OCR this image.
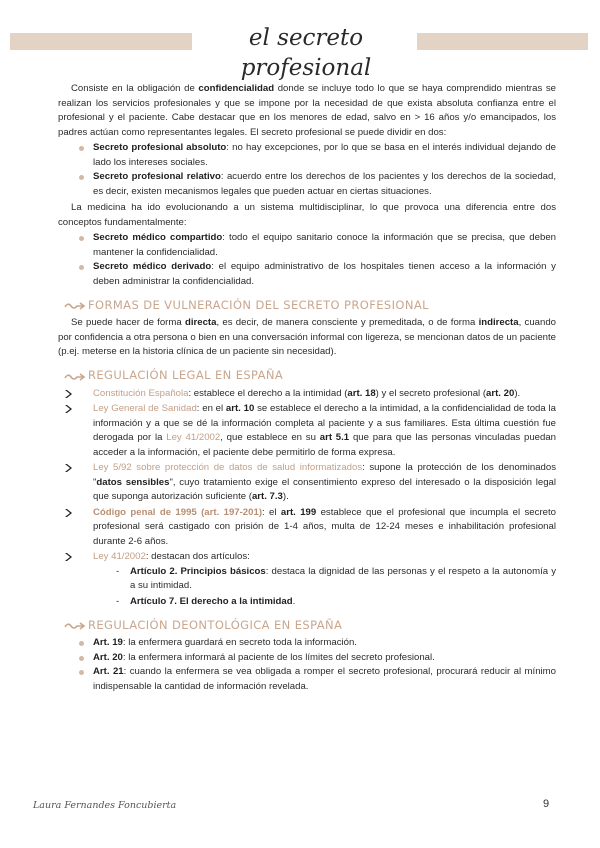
el secreto profesional

Consiste en la obligación de confidencialidad donde se incluye todo lo que se haya comprendido mientras se realizan los servicios profesionales y que se impone por la necesidad de que exista absoluta confianza entre el profesional y el paciente. Cabe destacar que en los menores de edad, salvo en > 16 años y/o emancipados, los padres actúan como representantes legales. El secreto profesional se puede dividir en dos:

Secreto profesional absoluto: no hay excepciones, por lo que se basa en el interés individual dejando de lado los intereses sociales.
Secreto profesional relativo: acuerdo entre los derechos de los pacientes y los derechos de la sociedad, es decir, existen mecanismos legales que pueden actuar en ciertas situaciones.

La medicina ha ido evolucionando a un sistema multidisciplinar, lo que provoca una diferencia entre dos conceptos fundamentalmente:

Secreto médico compartido: todo el equipo sanitario conoce la información que se precisa, que deben mantener la confidencialidad.
Secreto médico derivado: el equipo administrativo de los hospitales tienen acceso a la información y deben administrar la confidencialidad.
FORMAS DE VULNERACIÓN DEL SECRETO PROFESIONAL

Se puede hacer de forma directa, es decir, de manera consciente y premeditada, o de forma indirecta, cuando por confidencia a otra persona o bien en una conversación informal con ligereza, se mencionan datos de un paciente (p.ej. meterse en la historia clínica de un paciente sin necesidad).

REGULACIÓN LEGAL EN ESPAÑA
Constitución Española: establece el derecho a la intimidad (art. 18) y el secreto profesional (art. 20).
Ley General de Sanidad: en el art. 10 se establece el derecho a la intimidad, a la confidencialidad de toda la información y a que se dé la información completa al paciente y a sus familiares. Esta última cuestión fue derogada por la Ley 41/2002, que establece en su art 5.1 que para que las personas vinculadas puedan acceder a la información, el paciente debe permitirlo de forma expresa.
Ley 5/92 sobre protección de datos de salud informatizados: supone la protección de los denominados "datos sensibles", cuyo tratamiento exige el consentimiento expreso del interesado o la disposición legal que suponga autorización suficiente (art. 7.3).
Código penal de 1995 (art. 197-201): el art. 199 establece que el profesional que incumpla el secreto profesional será castigado con prisión de 1-4 años, multa de 12-24 meses e inhabilitación profesional durante 2-6 años.
Ley 41/2002: destacan dos artículos:
- Artículo 2. Principios básicos: destaca la dignidad de las personas y el respeto a la autonomía y a su intimidad.
- Artículo 7. El derecho a la intimidad.
REGULACIÓN DEONTOLÓGICA EN ESPAÑA
Art. 19: la enfermera guardará en secreto toda la información.
Art. 20: la enfermera informará al paciente de los límites del secreto profesional.
Art. 21: cuando la enfermera se vea obligada a romper el secreto profesional, procurará reducir al mínimo indispensable la cantidad de información revelada.
Laura Fernandes Foncubierta	9
